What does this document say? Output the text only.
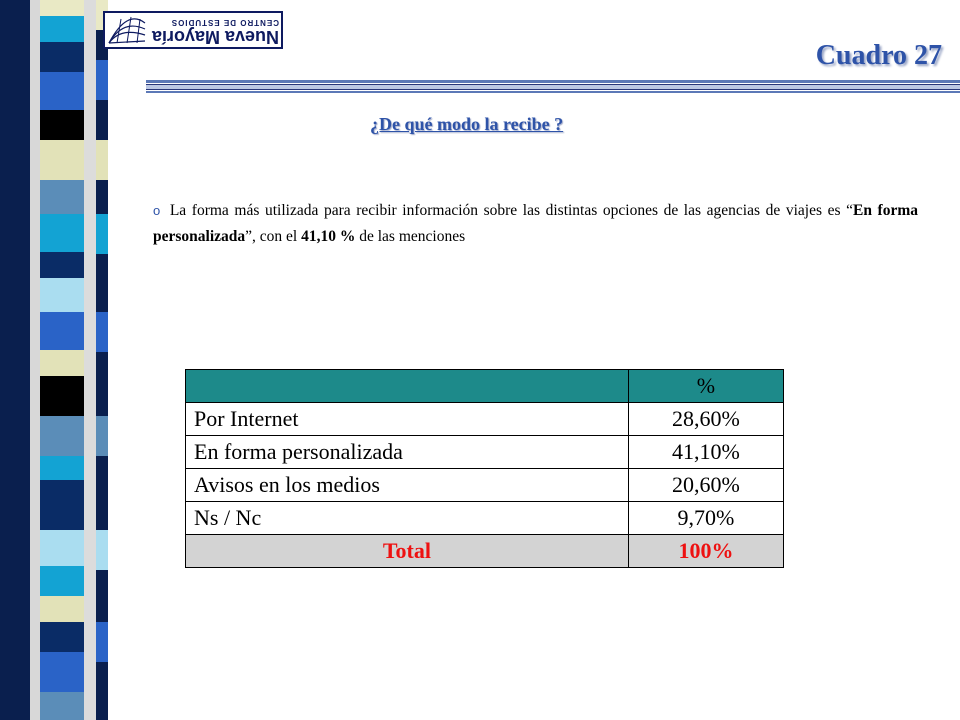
Nueva Mayoría
CENTRO DE ESTUDIOS
Cuadro 27
¿De qué modo la recibe ?
o La forma más utilizada para recibir información sobre las distintas opciones de las agencias de viajes es “En forma personalizada”, con el 41,10 % de las menciones
	%
Por Internet	28,60%
En forma personalizada	41,10%
Avisos en los medios	20,60%
Ns / Nc	9,70%
Total	100%
